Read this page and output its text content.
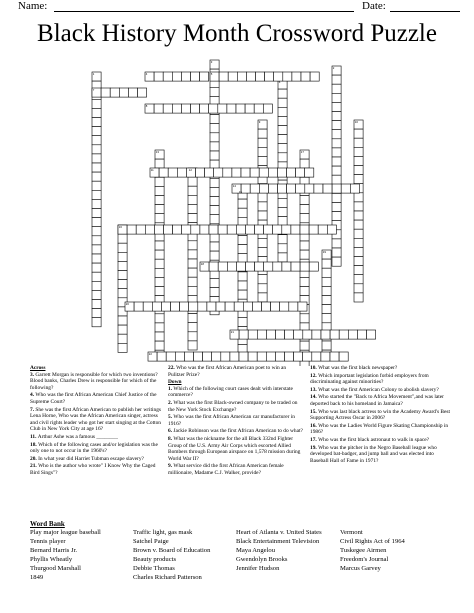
Name:	Date:
Black History Month Crossword Puzzle
1
2
3
4	5
6
7
8
9	10
11	12
13
14
15
16
17
18
19
20
21
22
Across
3. Garrett Morgan is responsible for which two inventions? Blood banks, Charles Drew is responsible for which of the following?
4. Who was the first African American Chief Justice of the Supreme Court?
7. She was the first African American to publish her writings Lena Horne, Who was the African American singer, actress and civil rights leader who got her start singing at the Cotton Club in New York City at age 16?
11. Arthur Ashe was a famous ________
18. Which of the following cases and/or legislation was the only one to not occur in the 1960's?
20. In what year did Harriet Tubman escape slavery?
21. Who is the author who wrote" I Know Why the Caged Bird Sings"?
22. Who was the first African American poet to win an Pulitzer Prize?
Down
1. Which of the following court cases dealt with interstate commerce?
2. What was the first Black-owned company to be traded on the New York Stock Exchange?
5. Who was the first African American car manufacturer in 1916?
6. Jackie Robinson was the first African American to do what?
8. What was the nickname for the all Black 332nd Fighter Group of the U.S. Army Air Corps which escorted Allied Bombers through European airspace on 1,578 mission during World War II?
9. What service did the first African American female millionaire, Madame C.J. Walker, provide?
10. What was the first black newspaper?
12. Which important legislation forbid employers from discriminating against minorities?
13. What was the first American Colony to abolish slavery?
14. Who started the "Back to Africa Movement",and was later deported back to his homeland in Jamaica?
15. Who was last black actress to win the Academy Award's Best Supporting Actress Oscar in 2006?
16. Who was the Ladies World Figure Skating Championship in 1986?
17. Who was the first black astronaut to walk in space?
19. Who was the pitcher in the Negro Baseball league who developed bat-badger, and jump ball and was elected into Baseball Hall of Fame in 1971?
Word Bank
Play major league baseball
Tennis player
Bernard Harris Jr.
Phyllis Wheatly
Thurgood Marshall
1849
Traffic light, gas mask
Satchel Paige
Brown v. Board of Education
Beauty products
Debbie Thomas
Charles Richard Patterson
Heart of Atlanta v. United States
Black Entertainment Television
Maya Angelou
Gwendolyn Brooks
Jennifer Hudson
Vermont
Civil Rights Act of 1964
Tuskegee Airmen
Freedom's Journal
Marcus Garvey
